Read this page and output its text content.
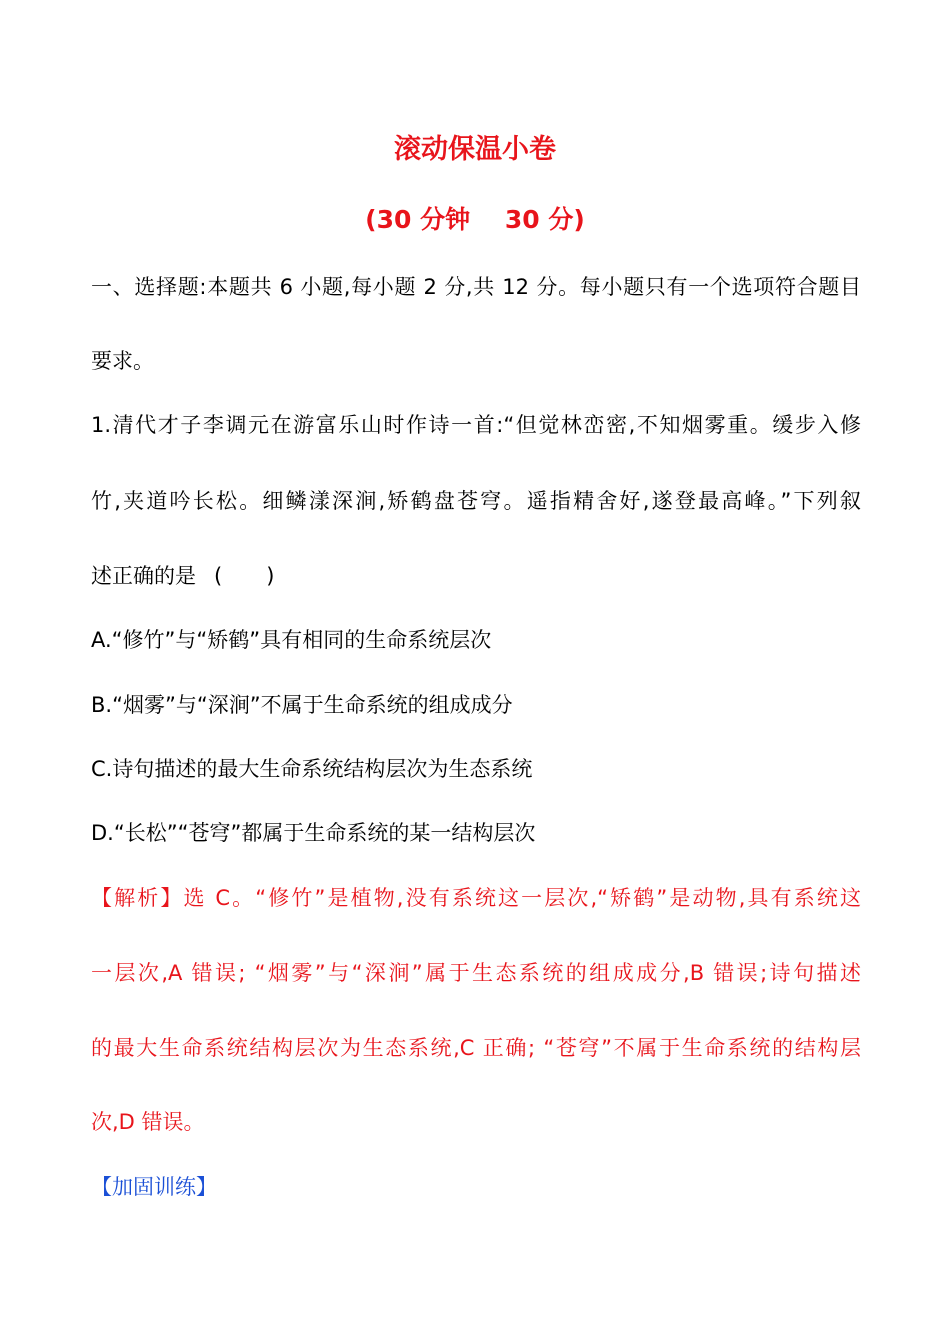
滚动保温小卷
(30 分钟    30 分)
一、选择题:本题共 6 小题,每小题 2 分,共 12 分。每小题只有一个选项符合题目
要求。
1.清代才子李调元在游富乐山时作诗一首:“但觉林峦密,不知烟雾重。缓步入修
竹,夹道吟长松。细鳞漾深涧,矫鹤盘苍穹。遥指精舍好,遂登最高峰。”下列叙
述正确的是 ( )
A.“修竹”与“矫鹤”具有相同的生命系统层次
B.“烟雾”与“深涧”不属于生命系统的组成成分
C.诗句描述的最大生命系统结构层次为生态系统
D.“长松”“苍穹”都属于生命系统的某一结构层次
【解析】选 C。“修竹”是植物,没有系统这一层次,“矫鹤”是动物,具有系统这
一层次,A 错误; “烟雾”与“深涧”属于生态系统的组成成分,B 错误;诗句描述
的最大生命系统结构层次为生态系统,C 正确; “苍穹”不属于生命系统的结构层
次,D 错误。
【加固训练】
